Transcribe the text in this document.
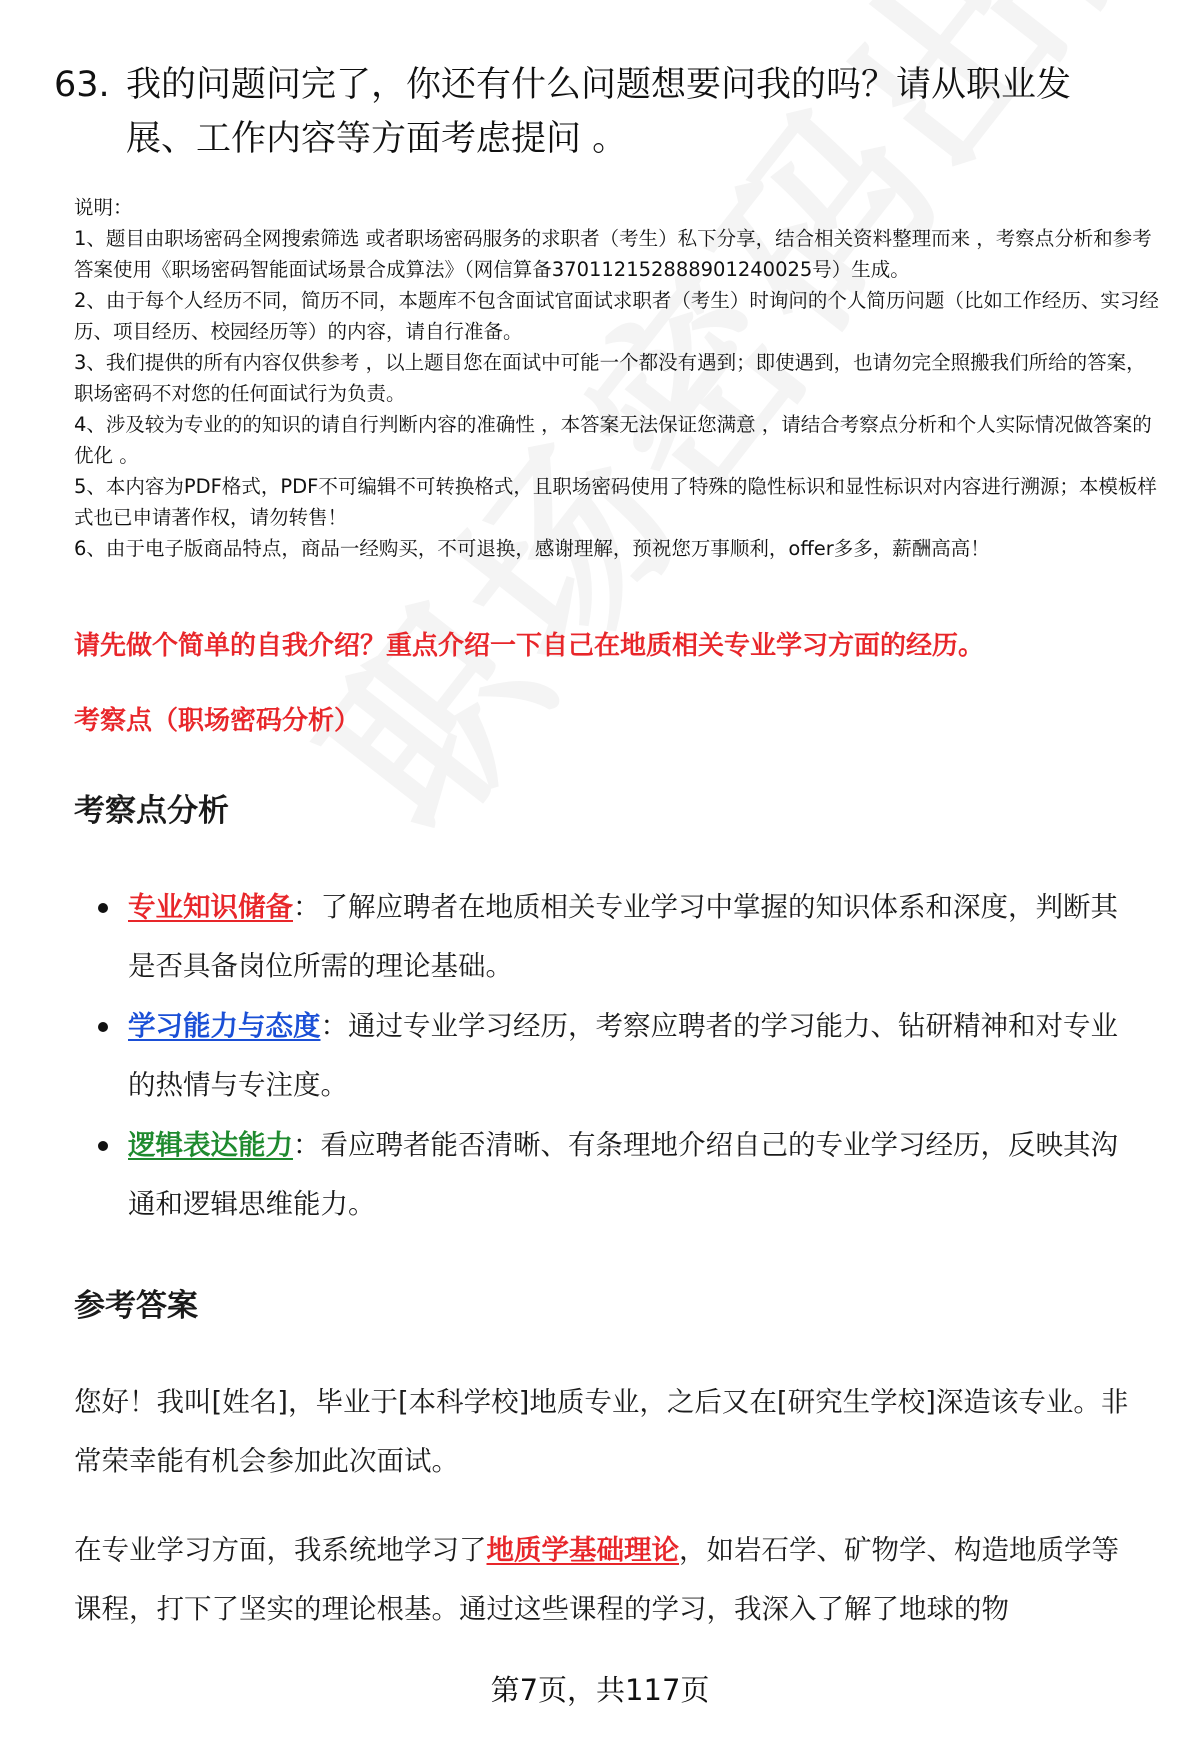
63. 我的问题问完了，你还有什么问题想要问我的吗？请从职业发展、工作内容等方面考虑提问 。

说明：

1、题目由职场密码全网搜索筛选 或者职场密码服务的求职者（考生）私下分享，结合相关资料整理而来 ，考察点分析和参考答案使用《职场密码智能面试场景合成算法》（网信算备370112152888901240025号）生成。

2、由于每个人经历不同，简历不同，本题库不包含面试官面试求职者（考生）时询问的个人简历问题（比如工作经历、实习经历、项目经历、校园经历等）的内容，请自行准备。

3、我们提供的所有内容仅供参考 ，以上题目您在面试中可能一个都没有遇到；即使遇到，也请勿完全照搬我们所给的答案，职场密码不对您的任何面试行为负责。

4、涉及较为专业的的知识的请自行判断内容的准确性 ，本答案无法保证您满意 ，请结合考察点分析和个人实际情况做答案的优化 。

5、本内容为PDF格式，PDF不可编辑不可转换格式，且职场密码使用了特殊的隐性标识和显性标识对内容进行溯源；本模板样式也已申请著作权，请勿转售！

6、由于电子版商品特点，商品一经购买，不可退换，感谢理解，预祝您万事顺利，offer多多，薪酬高高！

请先做个简单的自我介绍？重点介绍一下自己在地质相关专业学习方面的经历。
考察点（职场密码分析）
考察点分析
专业知识储备：了解应聘者在地质相关专业学习中掌握的知识体系和深度，判断其是否具备岗位所需的理论基础。
学习能力与态度：通过专业学习经历，考察应聘者的学习能力、钻研精神和对专业的热情与专注度。
逻辑表达能力：看应聘者能否清晰、有条理地介绍自己的专业学习经历，反映其沟通和逻辑思维能力。
参考答案

您好！我叫[姓名]，毕业于[本科学校]地质专业，之后又在[研究生学校]深造该专业。非常荣幸能有机会参加此次面试。

在专业学习方面，我系统地学习了地质学基础理论，如岩石学、矿物学、构造地质学等课程，打下了坚实的理论根基。通过这些课程的学习，我深入了解了地球的物

第7页，共117页
